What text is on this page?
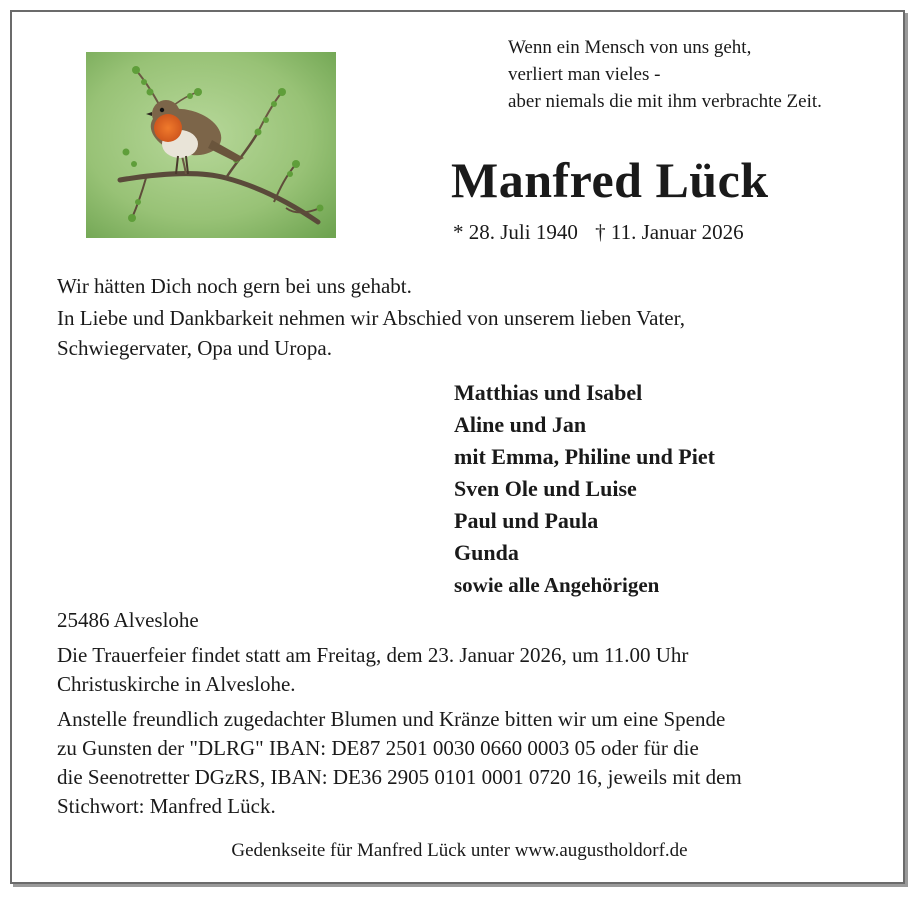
Wenn ein Mensch von uns geht,
verliert man vieles -
aber niemals die mit ihm verbrachte Zeit.
Manfred Lück
* 28. Juli 1940 † 11. Januar 2026
Wir hätten Dich noch gern bei uns gehabt.
In Liebe und Dankbarkeit nehmen wir Abschied von unserem lieben Vater,
Schwiegervater, Opa und Uropa.
Matthias und Isabel
Aline und Jan
mit Emma, Philine und Piet
Sven Ole und Luise
Paul und Paula
Gunda
sowie alle Angehörigen
25486 Alveslohe
Die Trauerfeier findet statt am Freitag, dem 23. Januar 2026, um 11.00 Uhr
Christuskirche in Alveslohe.
Anstelle freundlich zugedachter Blumen und Kränze bitten wir um eine Spende
zu Gunsten der "DLRG" IBAN: DE87 2501 0030 0660 0003 05 oder für die
die Seenotretter DGzRS, IBAN: DE36 2905 0101 0001 0720 16, jeweils mit dem
Stichwort: Manfred Lück.
Gedenkseite für Manfred Lück unter www.augustholdorf.de
